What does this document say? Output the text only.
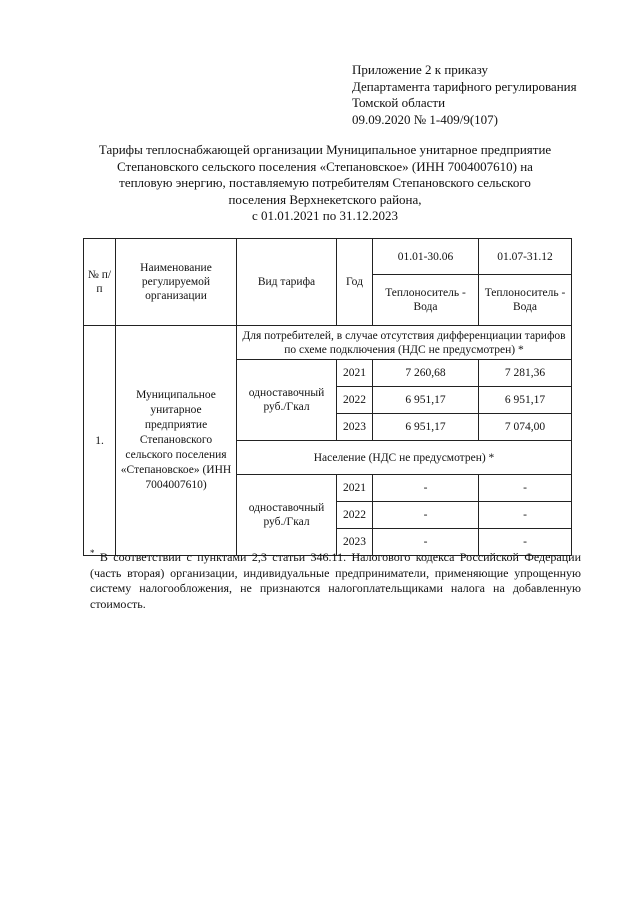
Приложение 2 к приказу
Департамента тарифного регулирования
Томской области
09.09.2020 № 1-409/9(107)
Тарифы теплоснабжающей организации Муниципальное унитарное предприятие
Степановского сельского поселения «Степановское» (ИНН 7004007610) на
тепловую энергию, поставляемую потребителям Степановского сельского
поселения Верхнекетского района,
с 01.01.2021 по 31.12.2023
№ п/п	Наименование регулируемой организации	Вид тарифа	Год	01.01-30.06	01.07-31.12
				Теплоноситель - Вода	Теплоноситель - Вода
1.	Муниципальное унитарное предприятие Степановского сельского поселения «Степановское» (ИНН 7004007610)	Для потребителей, в случае отсутствия дифференциации тарифов по схеме подключения (НДС не предусмотрен) *			
		одноставочный руб./Гкал	2021	7 260,68	7 281,36
			2022	6 951,17	6 951,17
			2023	6 951,17	7 074,00
		Население (НДС не предусмотрен) *			
		одноставочный руб./Гкал	2021	-	-
			2022	-	-
			2023	-	-
* В соответствии с пунктами 2,3 статьи 346.11. Налогового кодекса Российской Федерации (часть вторая) организации, индивидуальные предприниматели, применяющие упрощенную систему налогообложения, не признаются налогоплательщиками налога на добавленную стоимость.
